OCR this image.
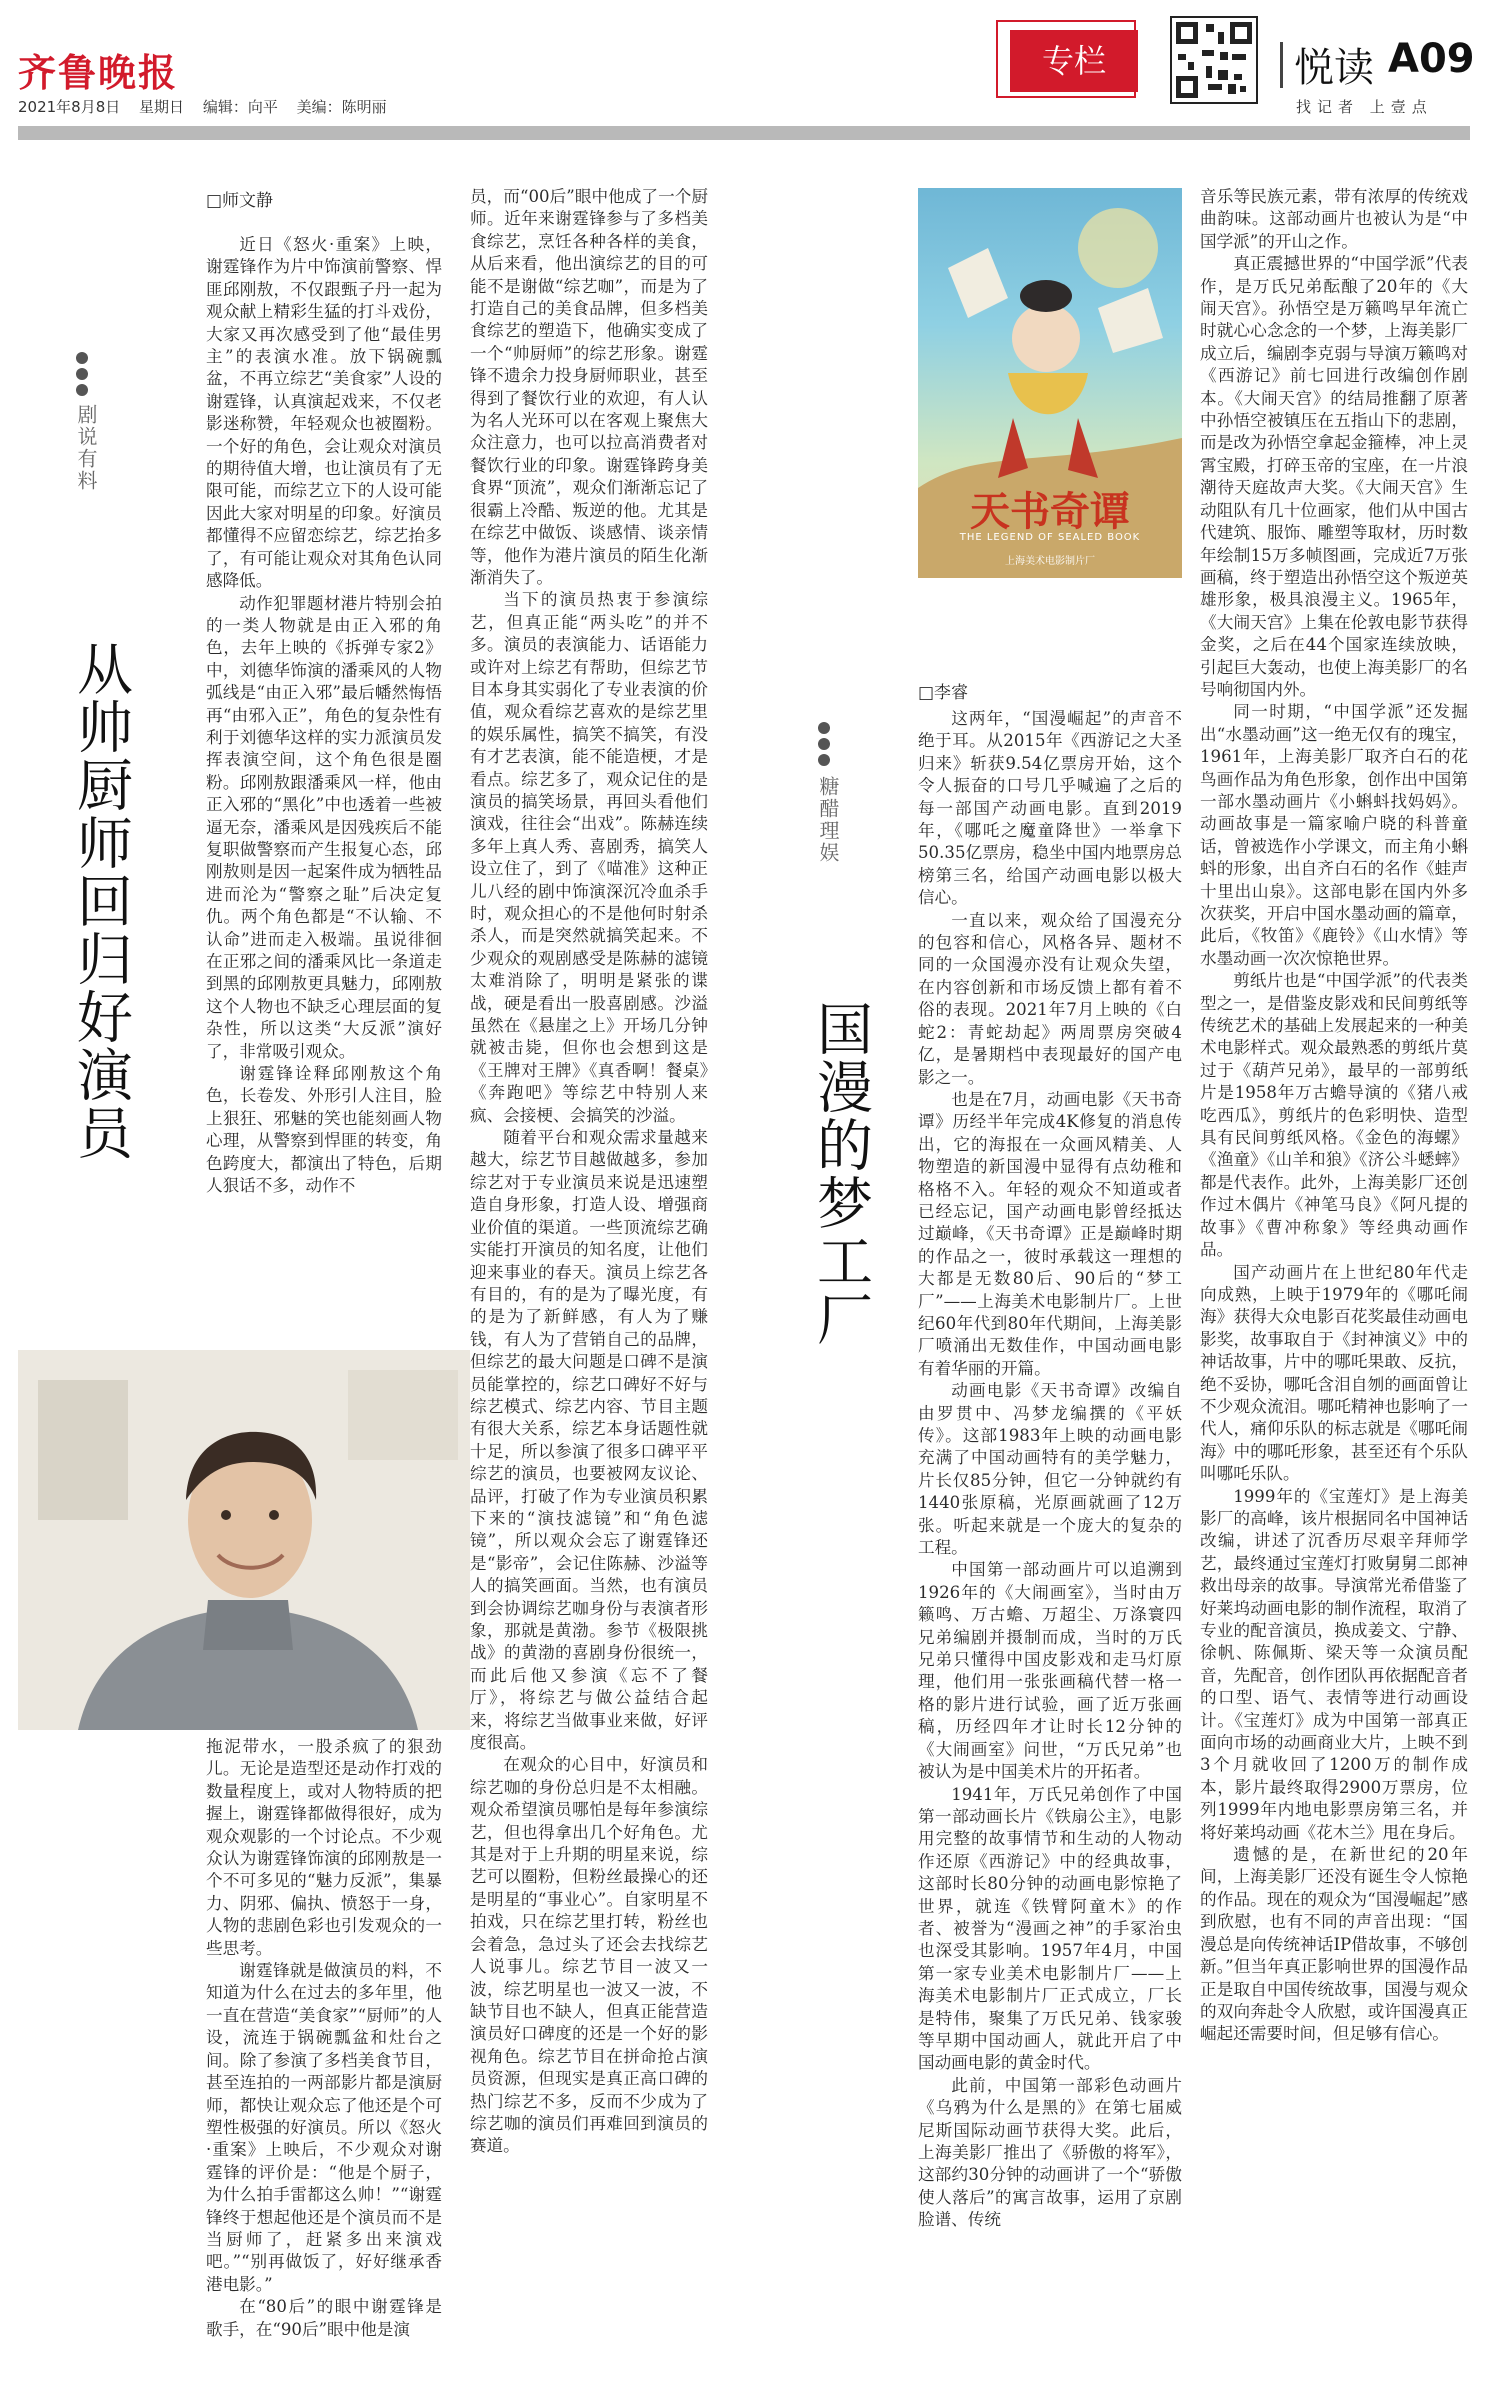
齐鲁晚报
2021年8月8日 星期日 编辑：向平 美编：陈明丽
专栏	悦读 A09
找记者 上壹点
剧说有料
从帅厨师回归好演员
□师文静

近日《怒火·重案》上映，谢霆锋作为片中饰演前警察、悍匪邱刚敖，不仅跟甄子丹一起为观众献上精彩生猛的打斗戏份，大家又再次感受到了他“最佳男主”的表演水准。放下锅碗瓢盆，不再立综艺“美食家”人设的谢霆锋，认真演起戏来，不仅老影迷称赞，年轻观众也被圈粉。一个好的角色，会让观众对演员的期待值大增，也让演员有了无限可能，而综艺立下的人设可能因此大家对明星的印象。好演员都懂得不应留恋综艺，综艺抬多了，有可能让观众对其角色认同感降低。

动作犯罪题材港片特别会拍的一类人物就是由正入邪的角色，去年上映的《拆弹专家2》中，刘德华饰演的潘乘风的人物弧线是“由正入邪”最后幡然悔悟再“由邪入正”，角色的复杂性有利于刘德华这样的实力派演员发挥表演空间，这个角色很是圈粉。邱刚敖跟潘乘风一样，他由正入邪的“黑化”中也透着一些被逼无奈，潘乘风是因残疾后不能复职做警察而产生报复心态，邱刚敖则是因一起案件成为牺牲品进而沦为“警察之耻”后决定复仇。两个角色都是“不认输、不认命”进而走入极端。虽说徘徊在正邪之间的潘乘风比一条道走到黑的邱刚敖更具魅力，邱刚敖这个人物也不缺乏心理层面的复杂性，所以这类“大反派”演好了，非常吸引观众。

谢霆锋诠释邱刚敖这个角色，长卷发、外形引人注目，脸上狠狂、邪魅的笑也能刻画人物心理，从警察到悍匪的转变，角色跨度大，都演出了特色，后期人狠话不多，动作不

拖泥带水，一股杀疯了的狠劲儿。无论是造型还是动作打戏的数量程度上，或对人物特质的把握上，谢霆锋都做得很好，成为观众观影的一个讨论点。不少观众认为谢霆锋饰演的邱刚敖是一个不可多见的“魅力反派”，集暴力、阴邪、偏执、愤怒于一身，人物的悲剧色彩也引发观众的一些思考。

谢霆锋就是做演员的料，不知道为什么在过去的多年里，他一直在营造“美食家”“厨师”的人设，流连于锅碗瓢盆和灶台之间。除了参演了多档美食节目，甚至连拍的一两部影片都是演厨师，都快让观众忘了他还是个可塑性极强的好演员。所以《怒火·重案》上映后，不少观众对谢霆锋的评价是：“他是个厨子，为什么拍手雷都这么帅！”“谢霆锋终于想起他还是个演员而不是当厨师了，赶紧多出来演戏吧。”“别再做饭了，好好继承香港电影。”

在“80后”的眼中谢霆锋是歌手，在“90后”眼中他是演

员，而“00后”眼中他成了一个厨师。近年来谢霆锋参与了多档美食综艺，烹饪各种各样的美食，从后来看，他出演综艺的目的可能不是谢做“综艺咖”，而是为了打造自己的美食品牌，但多档美食综艺的塑造下，他确实变成了一个“帅厨师”的综艺形象。谢霆锋不遗余力投身厨师职业，甚至得到了餐饮行业的欢迎，有人认为名人光环可以在客观上聚焦大众注意力，也可以拉高消费者对餐饮行业的印象。谢霆锋跨身美食界“顶流”，观众们渐渐忘记了很霸上冷酷、叛逆的他。尤其是在综艺中做饭、谈感情、谈亲情等，他作为港片演员的陌生化渐渐消失了。

当下的演员热衷于参演综艺，但真正能“两头吃”的并不多。演员的表演能力、话语能力或许对上综艺有帮助，但综艺节目本身其实弱化了专业表演的价值，观众看综艺喜欢的是综艺里的娱乐属性，搞笑不搞笑，有没有才艺表演，能不能造梗，才是看点。综艺多了，观众记住的是演员的搞笑场景，再回头看他们演戏，往往会“出戏”。陈赫连续多年上真人秀、喜剧秀，搞笑人设立住了，到了《喵准》这种正儿八经的剧中饰演深沉冷血杀手时，观众担心的不是他何时射杀杀人，而是突然就搞笑起来。不少观众的观剧感受是陈赫的滤镜太难消除了，明明是紧张的谍战，硬是看出一股喜剧感。沙溢虽然在《悬崖之上》开场几分钟就被击毙，但你也会想到这是《王牌对王牌》《真香啊！餐桌》《奔跑吧》等综艺中特别人来疯、会接梗、会搞笑的沙溢。

随着平台和观众需求量越来越大，综艺节目越做越多，参加综艺对于专业演员来说是迅速塑造自身形象，打造人设、增强商业价值的渠道。一些顶流综艺确实能打开演员的知名度，让他们迎来事业的春天。演员上综艺各有目的，有的是为了曝光度，有的是为了新鲜感，有人为了赚钱，有人为了营销自己的品牌，但综艺的最大问题是口碑不是演员能掌控的，综艺口碑好不好与综艺模式、综艺内容、节目主题有很大关系，综艺本身话题性就十足，所以参演了很多口碑平平综艺的演员，也要被网友议论、品评，打破了作为专业演员积累下来的“演技滤镜”和“角色滤镜”，所以观众会忘了谢霆锋还是“影帝”，会记住陈赫、沙溢等人的搞笑画面。当然，也有演员到会协调综艺咖身份与表演者形象，那就是黄渤。参节《极限挑战》的黄渤的喜剧身份很统一，而此后他又参演《忘不了餐厅》，将综艺与做公益结合起来，将综艺当做事业来做，好评度很高。

在观众的心目中，好演员和综艺咖的身份总归是不太相融。观众希望演员哪怕是每年参演综艺，但也得拿出几个好角色。尤其是对于上升期的明星来说，综艺可以圈粉，但粉丝最操心的还是明星的“事业心”。自家明星不拍戏，只在综艺里打转，粉丝也会着急，急过头了还会去找综艺人说事儿。综艺节目一波又一波，综艺明星也一波又一波，不缺节目也不缺人，但真正能营造演员好口碑度的还是一个好的影视角色。综艺节目在拼命抢占演员资源，但现实是真正高口碑的热门综艺不多，反而不少成为了综艺咖的演员们再难回到演员的赛道。

国漫的梦工厂
糖醋理娱
天书奇谭
THE LEGEND OF SEALED BOOK
上海美术电影制片厂
□李睿

这两年，“国漫崛起”的声音不绝于耳。从2015年《西游记之大圣归来》斩获9.54亿票房开始，这个令人振奋的口号几乎喊遍了之后的每一部国产动画电影。直到2019年，《哪吒之魔童降世》一举拿下50.35亿票房，稳坐中国内地票房总榜第三名，给国产动画电影以极大信心。

一直以来，观众给了国漫充分的包容和信心，风格各异、题材不同的一众国漫亦没有让观众失望，在内容创新和市场反馈上都有着不俗的表现。2021年7月上映的《白蛇2：青蛇劫起》两周票房突破4亿，是暑期档中表现最好的国产电影之一。

也是在7月，动画电影《天书奇谭》历经半年完成4K修复的消息传出，它的海报在一众画风精美、人物塑造的新国漫中显得有点幼稚和格格不入。年轻的观众不知道或者已经忘记，国产动画电影曾经抵达过巅峰，《天书奇谭》正是巅峰时期的作品之一，彼时承载这一理想的大都是无数80后、90后的“梦工厂”——上海美术电影制片厂。上世纪60年代到80年代期间，上海美影厂喷涌出无数佳作，中国动画电影有着华丽的开篇。

动画电影《天书奇谭》改编自由罗贯中、冯梦龙编撰的《平妖传》。这部1983年上映的动画电影充满了中国动画特有的美学魅力，片长仅85分钟，但它一分钟就约有1440张原稿，光原画就画了12万张。听起来就是一个庞大的复杂的工程。

中国第一部动画片可以追溯到1926年的《大闹画室》，当时由万籁鸣、万古蟾、万超尘、万涤寰四兄弟编剧并摄制而成，当时的万氏兄弟只懂得中国皮影戏和走马灯原理，他们用一张张画稿代替一格一格的影片进行试验，画了近万张画稿，历经四年才让时长12分钟的《大闹画室》问世，“万氏兄弟”也被认为是中国美术片的开拓者。

1941年，万氏兄弟创作了中国第一部动画长片《铁扇公主》，电影用完整的故事情节和生动的人物动作还原《西游记》中的经典故事，这部时长80分钟的动画电影惊艳了世界，就连《铁臂阿童木》的作者、被誉为“漫画之神”的手冢治虫也深受其影响。1957年4月，中国第一家专业美术电影制片厂——上海美术电影制片厂正式成立，厂长是特伟，聚集了万氏兄弟、钱家骏等早期中国动画人，就此开启了中国动画电影的黄金时代。

此前，中国第一部彩色动画片《乌鸦为什么是黑的》在第七届威尼斯国际动画节获得大奖。此后，上海美影厂推出了《骄傲的将军》，这部约30分钟的动画讲了一个“骄傲使人落后”的寓言故事，运用了京剧脸谱、传统

音乐等民族元素，带有浓厚的传统戏曲韵味。这部动画片也被认为是“中国学派”的开山之作。

真正震撼世界的“中国学派”代表作，是万氏兄弟酝酿了20年的《大闹天宫》。孙悟空是万籁鸣早年流亡时就心心念念的一个梦，上海美影厂成立后，编剧李克弱与导演万籁鸣对《西游记》前七回进行改编创作剧本。《大闹天宫》的结局推翻了原著中孙悟空被镇压在五指山下的悲剧，而是改为孙悟空拿起金箍棒，冲上灵霄宝殿，打碎玉帝的宝座，在一片浪潮待天庭故声大奖。《大闹天宫》生动阻队有几十位画家，他们从中国古代建筑、服饰、雕塑等取材，历时数年绘制15万多帧图画，完成近7万张画稿，终于塑造出孙悟空这个叛逆英雄形象，极具浪漫主义。1965年，《大闹天宫》上集在伦敦电影节获得金奖，之后在44个国家连续放映，引起巨大轰动，也使上海美影厂的名号响彻国内外。

同一时期，“中国学派”还发掘出“水墨动画”这一绝无仅有的瑰宝，1961年，上海美影厂取齐白石的花鸟画作品为角色形象，创作出中国第一部水墨动画片《小蝌蚪找妈妈》。动画故事是一篇家喻户晓的科普童话，曾被选作小学课文，而主角小蝌蚪的形象，出自齐白石的名作《蛙声十里出山泉》。这部电影在国内外多次获奖，开启中国水墨动画的篇章，此后，《牧笛》《鹿铃》《山水情》等水墨动画一次次惊艳世界。

剪纸片也是“中国学派”的代表类型之一，是借鉴皮影戏和民间剪纸等传统艺术的基础上发展起来的一种美术电影样式。观众最熟悉的剪纸片莫过于《葫芦兄弟》，最早的一部剪纸片是1958年万古蟾导演的《猪八戒吃西瓜》，剪纸片的色彩明快、造型具有民间剪纸风格。《金色的海螺》《渔童》《山羊和狼》《济公斗蟋蟀》都是代表作。此外，上海美影厂还创作过木偶片《神笔马良》《阿凡提的故事》《曹冲称象》等经典动画作品。

国产动画片在上世纪80年代走向成熟，上映于1979年的《哪吒闹海》获得大众电影百花奖最佳动画电影奖，故事取自于《封神演义》中的神话故事，片中的哪吒果敢、反抗，绝不妥协，哪吒含泪自刎的画面曾让不少观众流泪。哪吒精神也影响了一代人，痛仰乐队的标志就是《哪吒闹海》中的哪吒形象，甚至还有个乐队叫哪吒乐队。

1999年的《宝莲灯》是上海美影厂的高峰，该片根据同名中国神话改编，讲述了沉香历尽艰辛拜师学艺，最终通过宝莲灯打败舅舅二郎神救出母亲的故事。导演常光希借鉴了好莱坞动画电影的制作流程，取消了专业的配音演员，换成姜文、宁静、徐帆、陈佩斯、梁天等一众演员配音，先配音，创作团队再依据配音者的口型、语气、表情等进行动画设计。《宝莲灯》成为中国第一部真正面向市场的动画商业大片，上映不到3个月就收回了1200万的制作成本，影片最终取得2900万票房，位列1999年内地电影票房第三名，并将好莱坞动画《花木兰》甩在身后。

遗憾的是，在新世纪的20年间，上海美影厂还没有诞生令人惊艳的作品。现在的观众为“国漫崛起”感到欣慰，也有不同的声音出现：“国漫总是向传统神话IP借故事，不够创新。”但当年真正影响世界的国漫作品正是取自中国传统故事，国漫与观众的双向奔赴令人欣慰，或许国漫真正崛起还需要时间，但足够有信心。
